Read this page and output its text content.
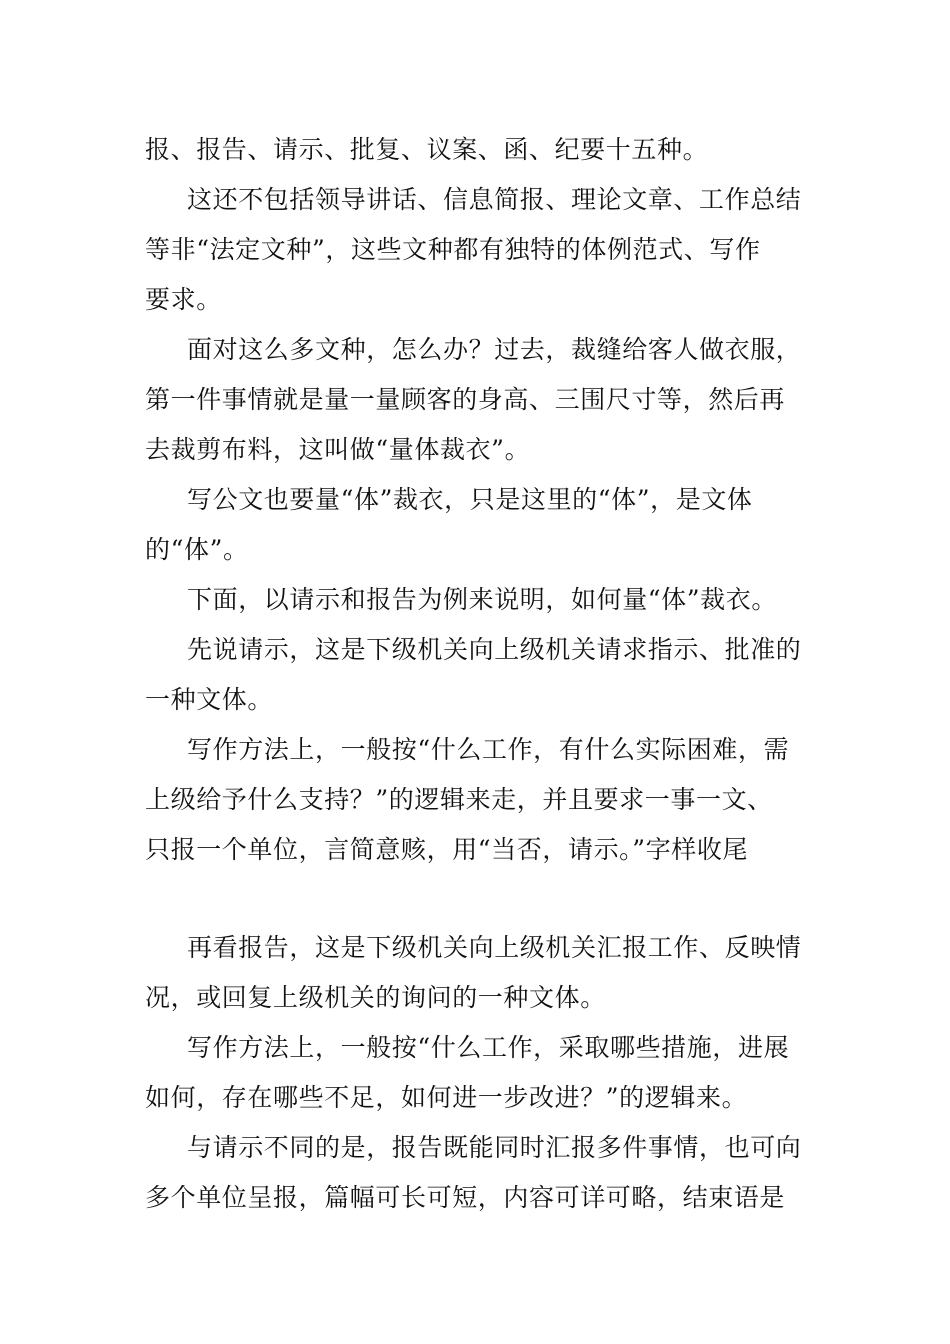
报、报告、请示、批复、议案、函、纪要十五种。
这还不包括领导讲话、信息简报、理论文章、工作总结
等非“法定文种”，这些文种都有独特的体例范式、写作
要求。
面对这么多文种，怎么办？过去，裁缝给客人做衣服，
第一件事情就是量一量顾客的身高、三围尺寸等，然后再
去裁剪布料，这叫做“量体裁衣”。
写公文也要量“体”裁衣，只是这里的“体”，是文体
的“体”。
下面，以请示和报告为例来说明，如何量“体”裁衣。
先说请示，这是下级机关向上级机关请求指示、批准的
一种文体。
写作方法上，一般按“什么工作，有什么实际困难，需
上级给予什么支持？”的逻辑来走，并且要求一事一文、
只报一个单位，言简意赅，用“当否，请示。”字样收尾
再看报告，这是下级机关向上级机关汇报工作、反映情
况，或回复上级机关的询问的一种文体。
写作方法上，一般按“什么工作，采取哪些措施，进展
如何，存在哪些不足，如何进一步改进？”的逻辑来。
与请示不同的是，报告既能同时汇报多件事情，也可向
多个单位呈报，篇幅可长可短，内容可详可略，结束语是
